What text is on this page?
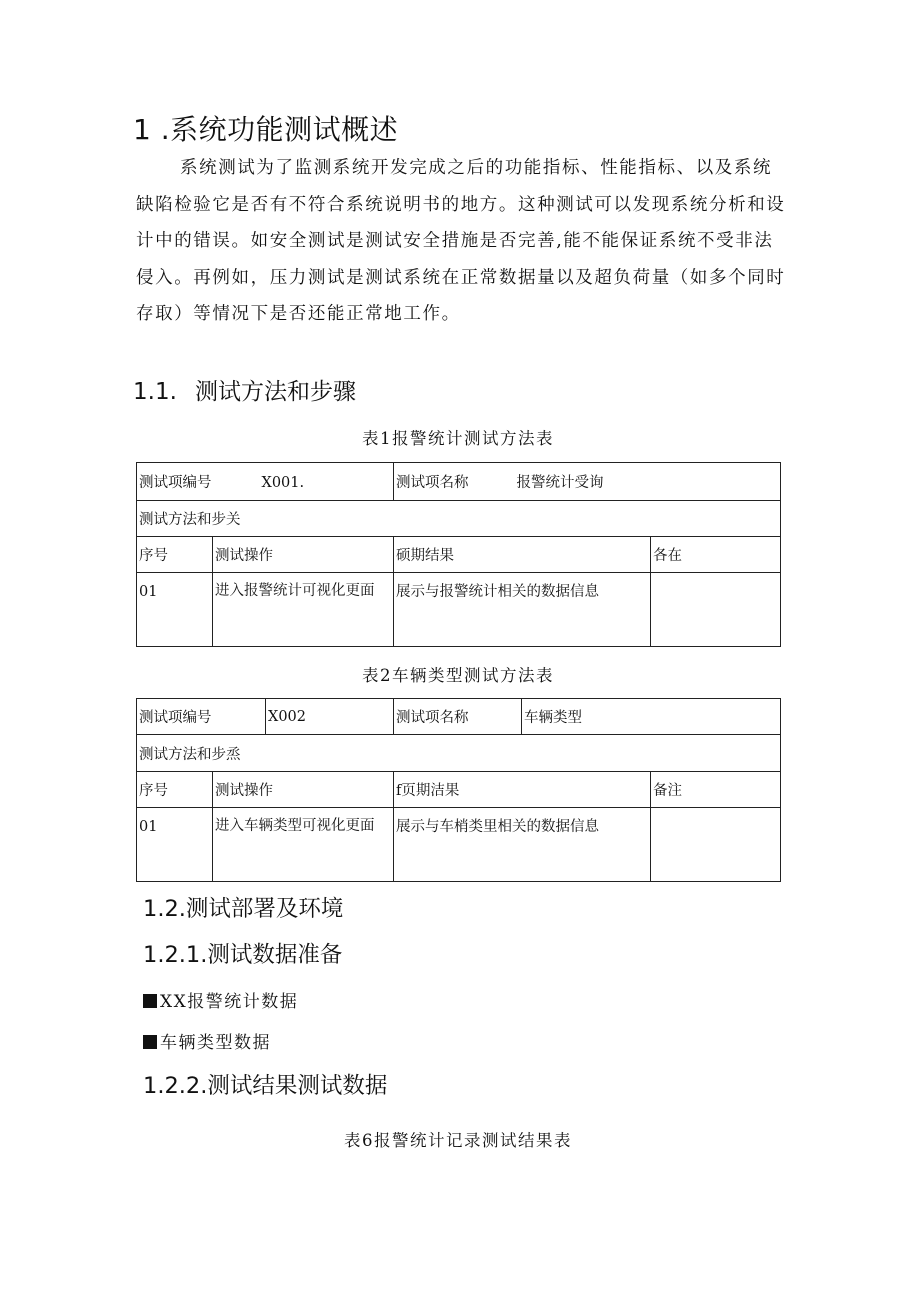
1 .系统功能测试概述
系统测试为了监测系统开发完成之后的功能指标、性能指标、以及系统缺陷检验它是否有不符合系统说明书的地方。这种测试可以发现系统分析和设计中的错误。如安全测试是测试安全措施是否完善,能不能保证系统不受非法侵入。再例如，压力测试是测试系统在正常数据量以及超负荷量（如多个同时存取）等情况下是否还能正常地工作。
1.1. 测试方法和步骤
表1报警统计测试方法表
测试项编号 X001.		测试项名称 报警统计受询	
测试方法和步关			
序号	测试操作	硕期结果	各在
01	进入报警统计可视化更面	展示与报警统计相关的数据信息	
表2车辆类型测试方法表
测试项编号		X002	测试项名称	车辆类型	
测试方法和步烝					
序号	测试操作		f页期洁果		备注
01	进入车辆类型可视化更面		展示与车梢类里相关的数据信息		
1.2.测试部署及环境
1.2.1.测试数据准备
XX报警统计数据
车辆类型数据
1.2.2.测试结果测试数据
表6报警统计记录测试结果表
